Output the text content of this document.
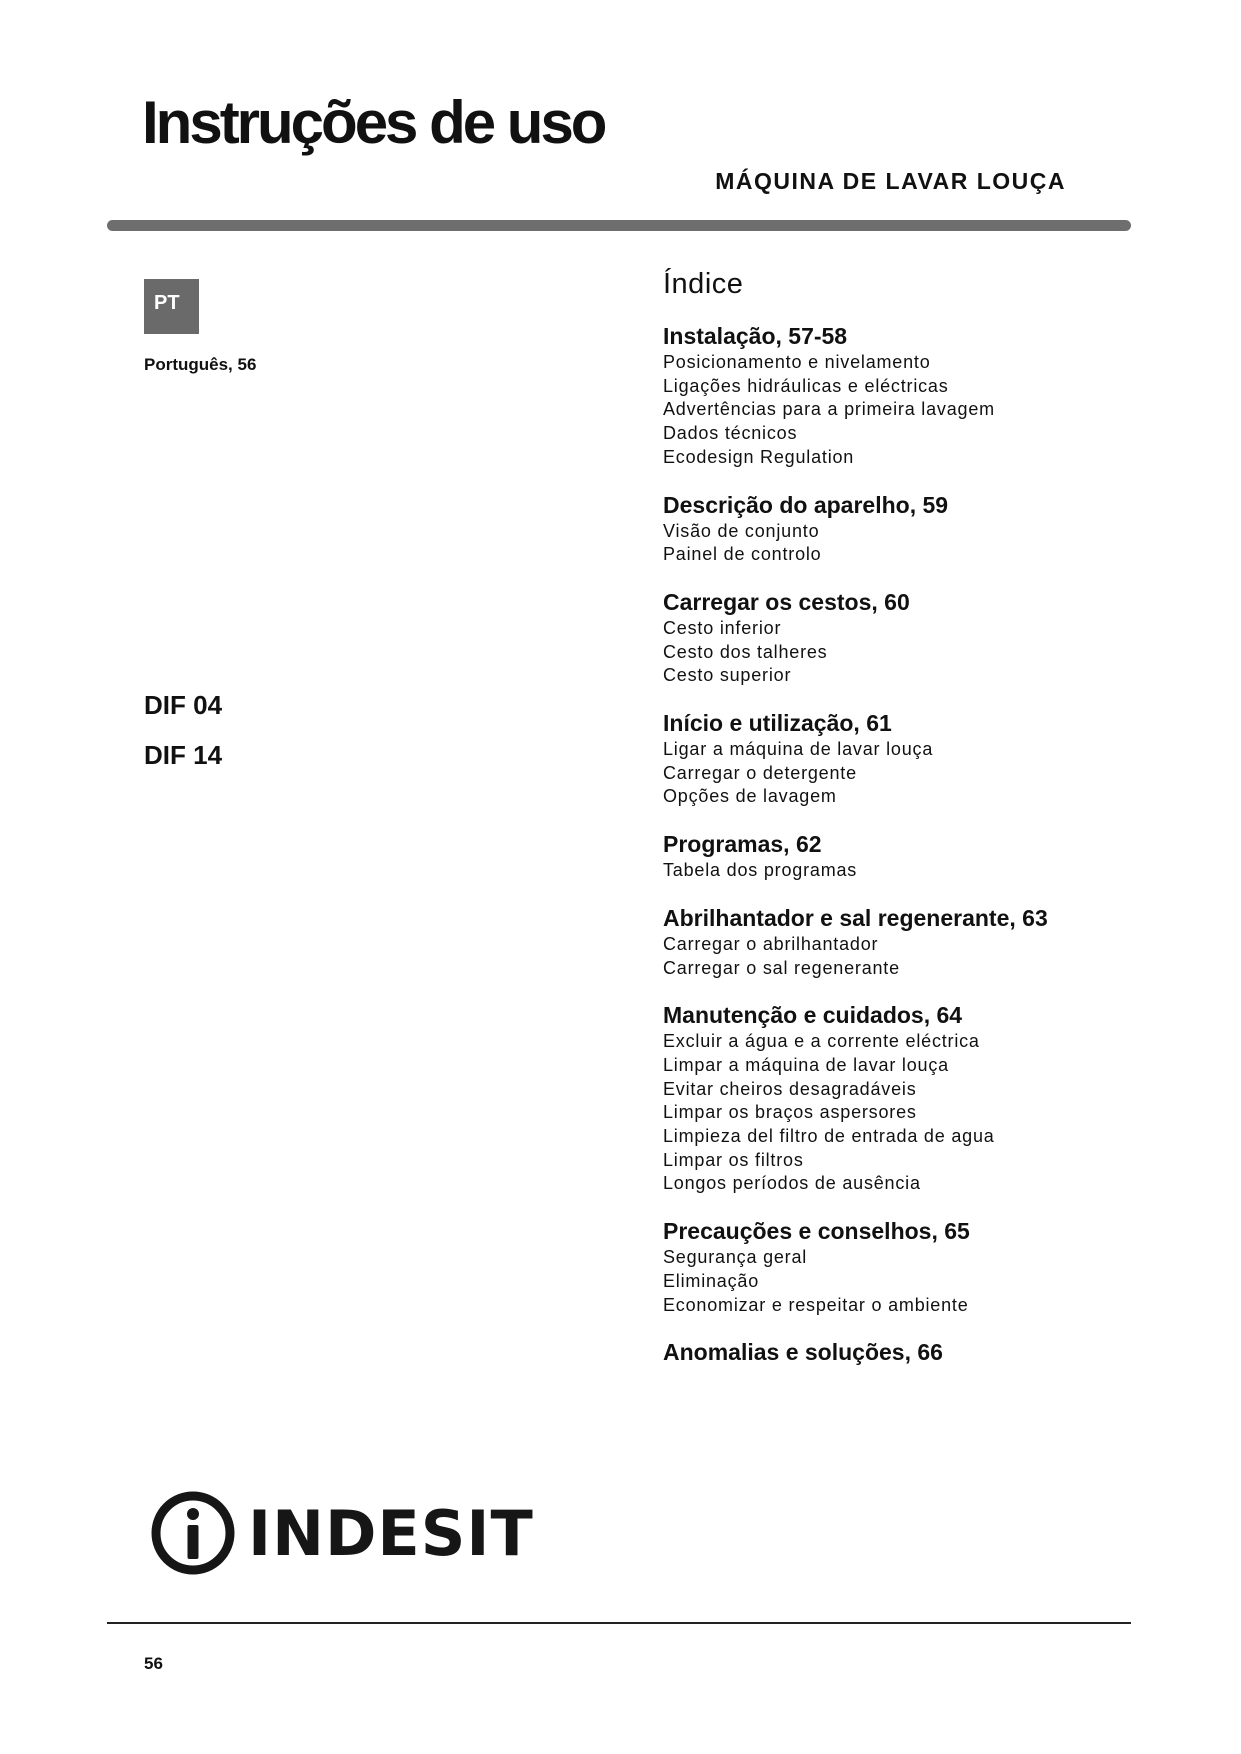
Instruções de uso
MÁQUINA DE LAVAR LOUÇA
PT
Português, 56
DIF 04
DIF 14
Índice
Instalação, 57-58
Posicionamento e nivelamento
Ligações hidráulicas e eléctricas
Advertências para a primeira lavagem
Dados técnicos
Ecodesign Regulation
Descrição do aparelho, 59
Visão de conjunto
Painel de controlo
Carregar os cestos, 60
Cesto inferior
Cesto dos talheres
Cesto superior
Início e utilização, 61
Ligar a máquina de lavar louça
Carregar o detergente
Opções de lavagem
Programas, 62
Tabela dos programas
Abrilhantador e sal regenerante, 63
Carregar o abrilhantador
Carregar o sal regenerante
Manutenção e cuidados, 64
Excluir a água e a corrente eléctrica
Limpar a máquina de lavar louça
Evitar cheiros desagradáveis
Limpar os braços aspersores
Limpieza del filtro de entrada de agua
Limpar os filtros
Longos períodos de ausência
Precauções e conselhos, 65
Segurança geral
Eliminação
Economizar e respeitar o ambiente
Anomalias e soluções, 66
INDESIT
56
